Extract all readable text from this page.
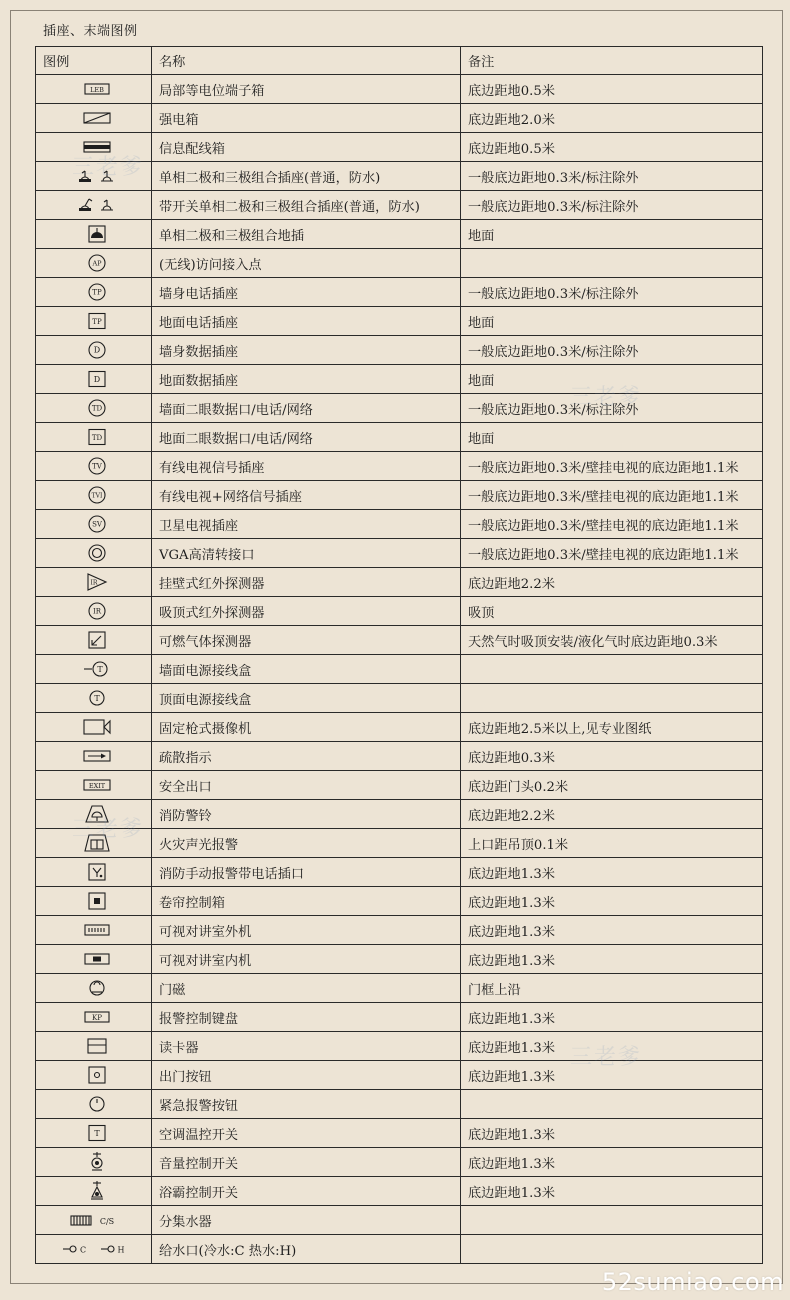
插座、末端图例
图例	名称	备注

LEB	局部等电位端子箱	底边距地0.5米

	强电箱	底边距地2.0米

	信息配线箱	底边距地0.5米

	单相二极和三极组合插座(普通，防水)	一般底边距地0.3米/标注除外

	带开关单相二极和三极组合插座(普通，防水)	一般底边距地0.3米/标注除外

	单相二极和三极组合地插	地面

AP	(无线)访问接入点	

TP	墙身电话插座	一般底边距地0.3米/标注除外

TP	地面电话插座	地面

D	墙身数据插座	一般底边距地0.3米/标注除外

D	地面数据插座	地面

TD	墙面二眼数据口/电话/网络	一般底边距地0.3米/标注除外

TD	地面二眼数据口/电话/网络	地面

TV	有线电视信号插座	一般底边距地0.3米/壁挂电视的底边距地1.1米

TVI	有线电视+网络信号插座	一般底边距地0.3米/壁挂电视的底边距地1.1米

SV	卫星电视插座	一般底边距地0.3米/壁挂电视的底边距地1.1米

	VGA高清转接口	一般底边距地0.3米/壁挂电视的底边距地1.1米

IR	挂壁式红外探测器	底边距地2.2米

IR	吸顶式红外探测器	吸顶

	可燃气体探测器	天然气时吸顶安装/液化气时底边距地0.3米

T	墙面电源接线盒	

T	顶面电源接线盒	

	固定枪式摄像机	底边距地2.5米以上,见专业图纸

	疏散指示	底边距地0.3米

EXIT	安全出口	底边距门头0.2米

	消防警铃	底边距地2.2米

	火灾声光报警	上口距吊顶0.1米

	消防手动报警带电话插口	底边距地1.3米

	卷帘控制箱	底边距地1.3米

	可视对讲室外机	底边距地1.3米

	可视对讲室内机	底边距地1.3米

	门磁	门框上沿

KP	报警控制键盘	底边距地1.3米

	读卡器	底边距地1.3米

	出门按钮	底边距地1.3米

	紧急报警按钮	

T	空调温控开关	底边距地1.3米

	音量控制开关	底边距地1.3米

	浴霸控制开关	底边距地1.3米

C/S	分集水器	

C H	给水口(冷水:C 热水:H)	
三老爹
三老爹
三老爹
三老爹
52sumiao.com
